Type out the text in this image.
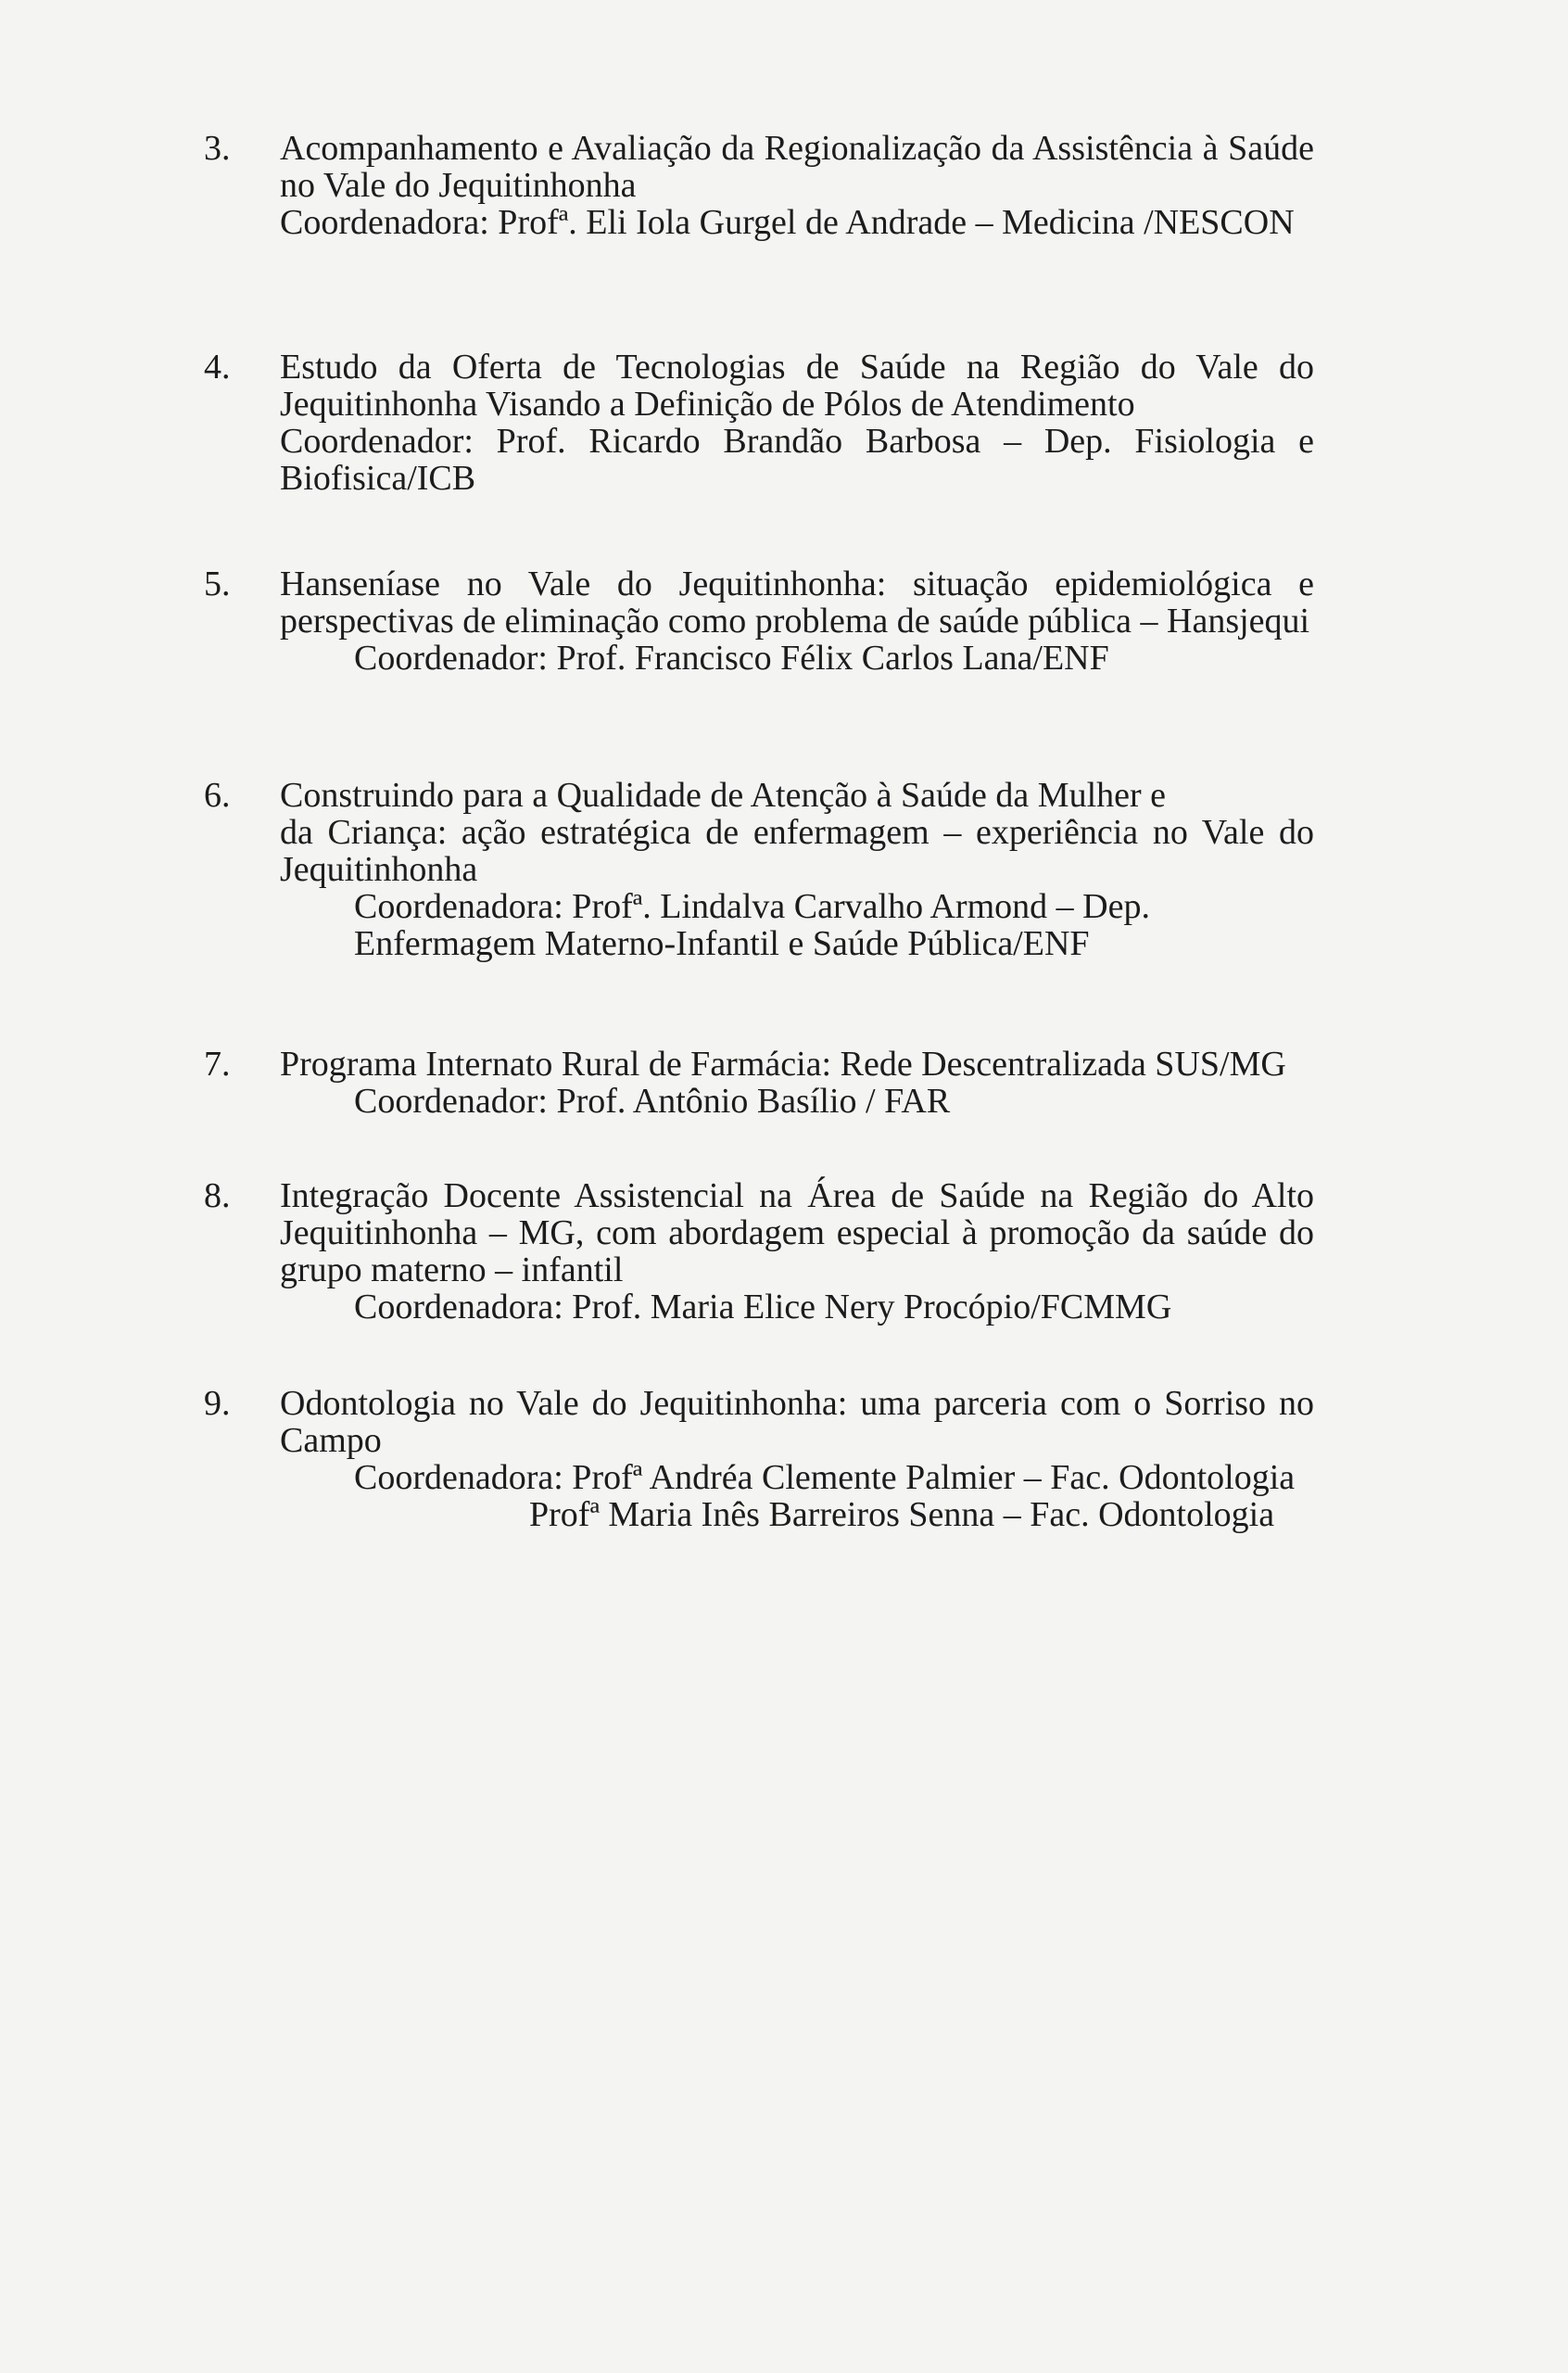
3.	Acompanhamento e Avaliação da Regionalização da Assistência à Saúde no Vale do Jequitinhonha
Coordenadora: Profª. Eli Iola Gurgel de Andrade – Medicina /NESCON
4.	Estudo da Oferta de Tecnologias de Saúde na Região do Vale do Jequitinhonha Visando a Definição de Pólos de Atendimento
Coordenador: Prof. Ricardo Brandão Barbosa – Dep. Fisiologia e Biofisica/ICB
5.	Hanseníase no Vale do Jequitinhonha: situação epidemiológica e perspectivas de eliminação como problema de saúde pública – Hansjequi
Coordenador: Prof. Francisco Félix Carlos Lana/ENF
6.	Construindo para a Qualidade de Atenção à Saúde da Mulher e
da Criança: ação estratégica de enfermagem – experiência no Vale do Jequitinhonha
Coordenadora: Profª. Lindalva Carvalho Armond – Dep.
Enfermagem Materno-Infantil e Saúde Pública/ENF
7.	Programa Internato Rural de Farmácia: Rede Descentralizada SUS/MG
Coordenador: Prof. Antônio Basílio / FAR
8.	Integração Docente Assistencial na Área de Saúde na Região do Alto Jequitinhonha – MG, com abordagem especial à promoção da saúde do grupo materno – infantil
Coordenadora: Prof. Maria Elice Nery Procópio/FCMMG
9.	Odontologia no Vale do Jequitinhonha: uma parceria com o Sorriso no Campo
Coordenadora: Profª Andréa Clemente Palmier – Fac. Odontologia
Profª Maria Inês Barreiros Senna – Fac. Odontologia
